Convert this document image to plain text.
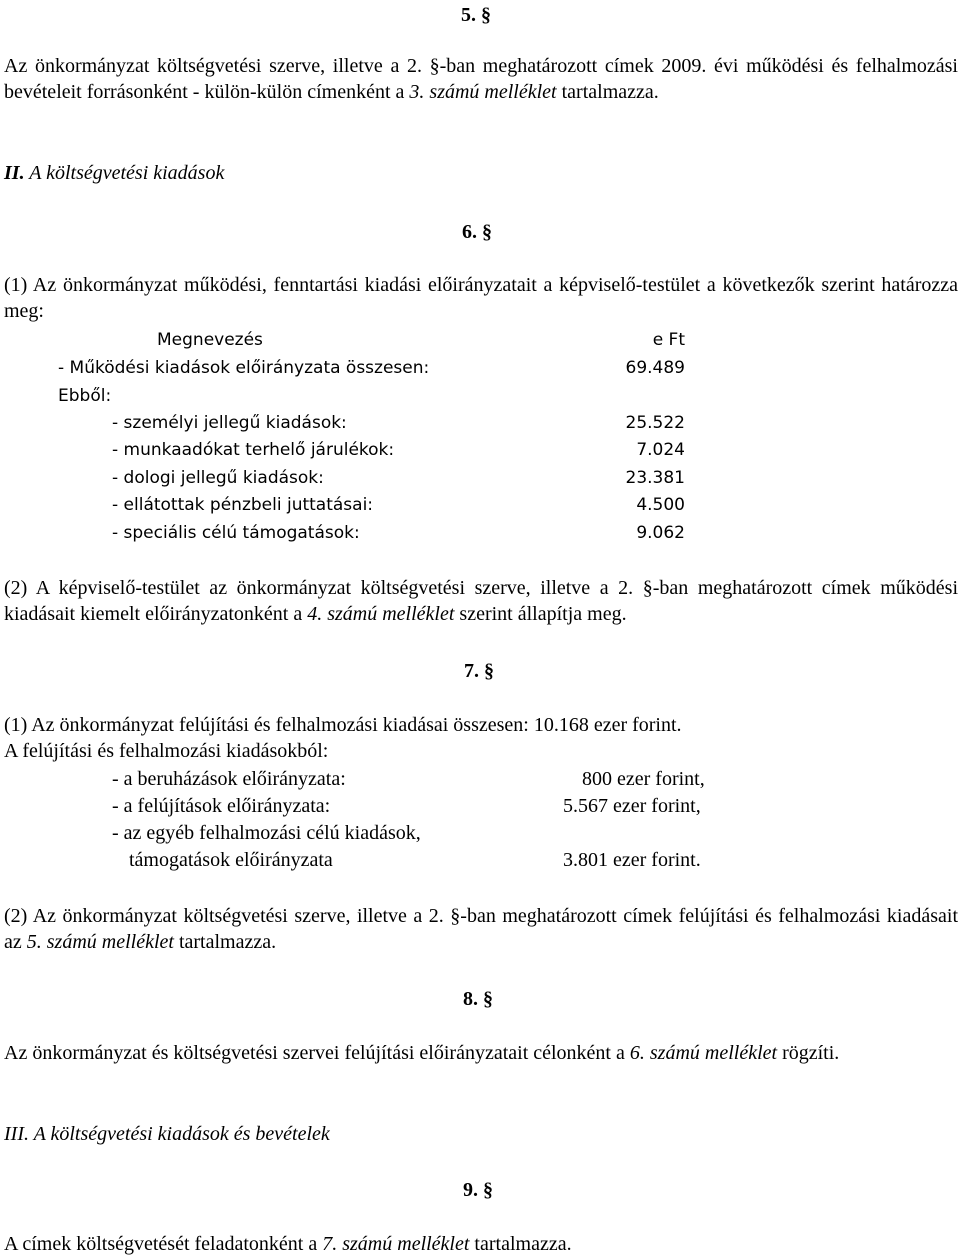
5. §
Az önkormányzat költségvetési szerve, illetve a 2. §-ban meghatározott címek 2009. évi működési és felhalmozási bevételeit forrásonként - külön-külön címenként a 3. számú melléklet tartalmazza.
II. A költségvetési kiadások
6. §
(1) Az önkormányzat működési, fenntartási kiadási előirányzatait a képviselő-testület a következők szerint határozza meg:
Megnevezés	e Ft
- Működési kiadások előirányzata összesen:	69.489
Ebből:
- személyi jellegű kiadások:	25.522
- munkaadókat terhelő járulékok:	7.024
- dologi jellegű kiadások:	23.381
- ellátottak pénzbeli juttatásai:	4.500
- speciális célú támogatások:	9.062
(2) A képviselő-testület az önkormányzat költségvetési szerve, illetve a 2. §-ban meghatározott címek működési kiadásait kiemelt előirányzatonként a 4. számú melléklet szerint állapítja meg.
7. §
(1) Az önkormányzat felújítási és felhalmozási kiadásai összesen: 10.168 ezer forint.
A felújítási és felhalmozási kiadásokból:
- a beruházások előirányzata:	800 ezer forint,
- a felújítások előirányzata:	5.567 ezer forint,
- az egyéb felhalmozási célú kiadások,
támogatások előirányzata	3.801 ezer forint.
(2) Az önkormányzat költségvetési szerve, illetve a 2. §-ban meghatározott címek felújítási és felhalmozási kiadásait az 5. számú melléklet tartalmazza.
8. §
Az önkormányzat és költségvetési szervei felújítási előirányzatait célonként a 6. számú melléklet rögzíti.
III. A költségvetési kiadások és bevételek
9. §
A címek költségvetését feladatonként a 7. számú melléklet tartalmazza.
